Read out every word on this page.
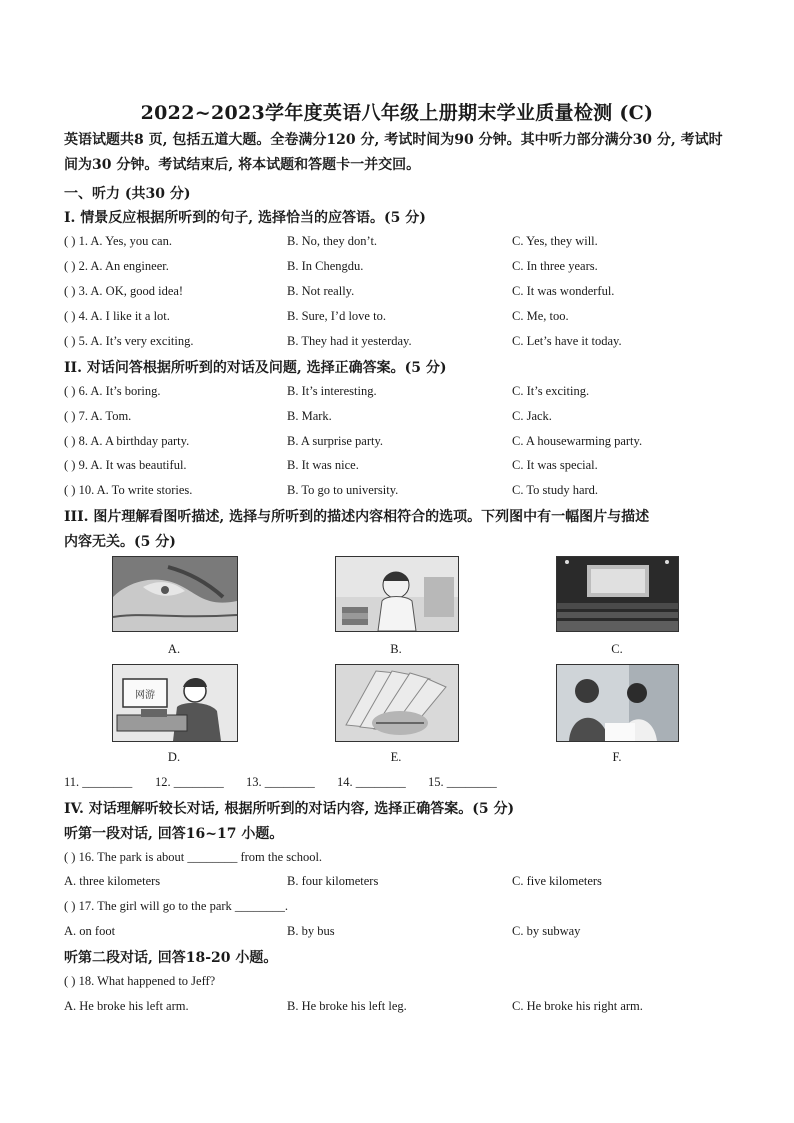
2022~2023学年度英语八年级上册期末学业质量检测 (C)
英语试题共8 页, 包括五道大题。全卷满分120 分, 考试时间为90 分钟。其中听力部分满分30 分, 考试时间为30 分钟。考试结束后, 将本试题和答题卡一并交回。
一、听力 (共30 分)
I. 情景反应根据所听到的句子, 选择恰当的应答语。(5 分)
( ) 1. A. Yes, you can.	B. No, they don’t.	C. Yes, they will.
( ) 2. A. An engineer.	B. In Chengdu.	C. In three years.
( ) 3. A. OK, good idea!	B. Not really.	C. It was wonderful.
( ) 4. A. I like it a lot.	B. Sure, I’d love to.	C. Me, too.
( ) 5. A. It’s very exciting.	B. They had it yesterday.	C. Let’s have it today.
II. 对话问答根据所听到的对话及问题, 选择正确答案。(5 分)
( ) 6. A. It’s boring.	B. It’s interesting.	C. It’s exciting.
( ) 7. A. Tom.	B. Mark.	C. Jack.
( ) 8. A. A birthday party.	B. A surprise party.	C. A housewarming party.
( ) 9. A. It was beautiful.	B. It was nice.	C. It was special.
( ) 10. A. To write stories.	B. To go to university.	C. To study hard.
III. 图片理解看图听描述, 选择与所听到的描述内容相符合的选项。下列图中有一幅图片与描述
内容无关。(5 分)
A.	B.	C.
网游
D.	E.	F.
11. ________ 12. ________ 13. ________ 14. ________ 15. ________
IV. 对话理解听较长对话, 根据所听到的对话内容, 选择正确答案。(5 分)
听第一段对话, 回答16~17 小题。
( ) 16. The park is about ________ from the school.
A. three kilometers	B. four kilometers	C. five kilometers
( ) 17. The girl will go to the park ________.
A. on foot	B. by bus	C. by subway
听第二段对话, 回答18-20 小题。
( ) 18. What happened to Jeff?
A. He broke his left arm.	B. He broke his left leg.	C. He broke his right arm.
